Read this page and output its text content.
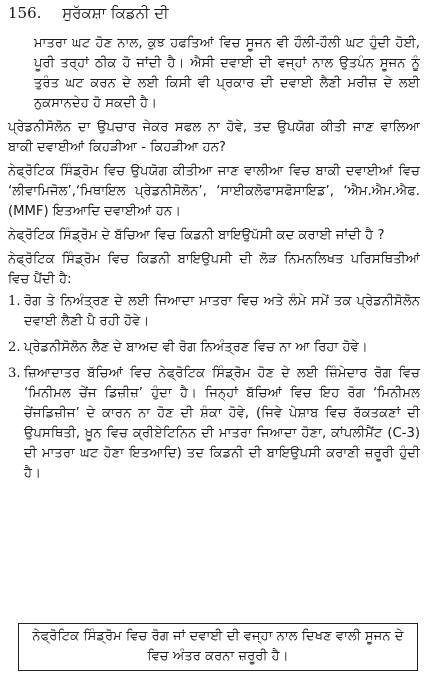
156. ਸੁਰੱਕਸ਼ਾ ਕਿਡਨੀ ਦੀ

ਮਾਤਰਾ ਘਟ ਹੋਣ ਨਾਲ, ਕੁਝ ਹਫਤਿਆਂ ਵਿਚ ਸੂਜਨ ਵੀ ਹੌਲੀ-ਹੌਲੀ ਘਟ ਹੁੰਦੀ ਹੋਈ, ਪੂਰੀ ਤਰ੍ਹਾਂ ਠੀਕ ਹੋ ਜਾਂਦੀ ਹੈ। ਐਸੀ ਦਵਾਈ ਦੀ ਵਜ੍ਹਾਂ ਨਾਲ ਉਤਪੰਨ ਸੂਜਨ ਨੂੰ ਤੁਰੰਤ ਘਟ ਕਰਨ ਦੇ ਲਈ ਕਿਸੀ ਵੀ ਪ੍ਰਕਾਰ ਦੀ ਦਵਾਈ ਲੈਣੀ ਮਰੀਜ਼ ਦੇ ਲਈ ਨੁਕਸਾਨਦੇਹ ਹੋ ਸਕਦੀ ਹੈ।

ਪ੍ਰੇਡਨੀਸੋਲੋਨ ਦਾ ਉਪਚਾਰ ਜੇਕਰ ਸਫਲ ਨਾ ਹੋਵੇ, ਤਦ ਉਪਯੋਗ ਕੀਤੀ ਜਾਣ ਵਾਲਿਆ ਬਾਕੀ ਦਵਾਈਆਂ ਕਿਹੜੀਆ - ਕਿਹੜੀਆ ਹਨ?

ਨੇਫ੍ਰੋਟਿਕ ਸਿੰਡ੍ਰੋਮ ਵਿਚ ਉਪਯੋਗ ਕੀਤੀਆ ਜਾਣ ਵਾਲੀਆ ਵਿਚ ਬਾਕੀ ਦਵਾਈਆਂ ਵਿਚ ‘ਲੀਵਾਮਿਜੋਲ’,‘ਮਿਥਾਇਲ ਪ੍ਰੇਡਨੀਸੋਲੋਨ’, ‘ਸਾਈਕਲੋਫਾਸਫੋਸਾਇਡ’, ‘ਐਮ.ਐਮ.ਐਫ. (MMF) ਇਤਆਦਿ ਦਵਾਈਆਂ ਹਨ।

ਨੇਫ੍ਰੋਟਿਕ ਸਿੰਡ੍ਰੋਮ ਦੇ ਬੱਚਿਆ ਵਿਚ ਕਿਡਨੀ ਬਾਇਉਪੱਸੀ ਕਦ ਕਰਾਈ ਜਾਂਦੀ ਹੈ ?

ਨੇਫ੍ਰੋਟਿਕ ਸਿੰਡ੍ਰੋਮ ਵਿਚ ਕਿਡਨੀ ਬਾਇਉਪਸੀ ਦੀ ਲੋੜ ਨਿਮਨਲਿਖਤ ਪਰਿਸਥਿਤੀਆਂ ਵਿਚ ਪੈਂਦੀ ਹੈ:

1. ਰੋਗ ਤੇ ਨਿਅੰਤ੍ਰਣ ਦੇ ਲਈ ਜਿਆਦਾ ਮਾਤਰਾ ਵਿਚ ਅਤੇ ਲੰਮੇ ਸਮੇਂ ਤਕ ਪ੍ਰੇਡਨੀਸੋਲੋਨ ਦਵਾਈ ਲੈਣੀ ਪੈ ਰਹੀ ਹੋਵੇ।
2. ਪ੍ਰੇਡਨੀਸੋਲੋਨ ਲੈਣ ਦੇ ਬਾਅਦ ਵੀ ਰੋਗ ਨਿਅੰਤ੍ਰਣ ਵਿਚ ਨਾ ਆ ਰਿਹਾ ਹੋਵੇ।
3. ਜ਼ਿਆਦਾਤਰ ਬੱਚਿਆਂ ਵਿਚ ਨੇਫ੍ਰੋਟਿਕ ਸਿੰਡ੍ਰੋਮ ਹੋਣ ਦੇ ਲਈ ਜ਼ਿੰਮੇਦਾਰ ਰੋਗ ਵਿਚ ‘ਮਿਨੀਮਲ ਚੇਂਜ ਡਿਜ਼ੀਜ਼’ ਹੁੰਦਾ ਹੈ। ਜਿਨ੍ਹਾਂ ਬੱਚਿਆਂ ਵਿਚ ਇਹ ਰੋਗ ‘ਮਿਨੀਮਲ ਚੇਂਜਡਿਜ਼ੀਜ’ ਦੇ ਕਾਰਨ ਨਾ ਹੋਣ ਦੀ ਸ਼ੰਕਾ ਹੋਵੇ, (ਜਿਵੇ ਪੇਸ਼ਾਬ ਵਿਚ ਰੱਕਤਕਣਾਂ ਦੀ ਉਪਸਥਿਤੀ, ਖ਼ੂਨ ਵਿਚ ਕ੍ਰੀਏਟਿਨਿਨ ਦੀ ਮਾਤਰਾ ਜਿਆਦਾ ਹੋਣਾ, ਕਾਂਪਲੀਮੈਂਟ (C-3) ਦੀ ਮਾਤਰਾ ਘਟ ਹੋਣਾ ਇਤਆਦਿ) ਤਦ ਕਿਡਨੀ ਦੀ ਬਾਇਉਪਸੀ ਕਰਾਣੀ ਜ਼ਰੂਰੀ ਹੁੰਦੀ ਹੈ।
ਨੇਫ੍ਰੋਟਿਕ ਸਿੰਡ੍ਰੋਮ ਵਿਚ ਰੋਗ ਜਾਂ ਦਵਾਈ ਦੀ ਵਜ੍ਹਾ ਨਾਲ ਦਿਖਣ ਵਾਲੀ ਸੂਜਨ ਦੇ ਵਿਚ ਅੰਤਰ ਕਰਨਾ ਜ਼ਰੂਰੀ ਹੈ।
